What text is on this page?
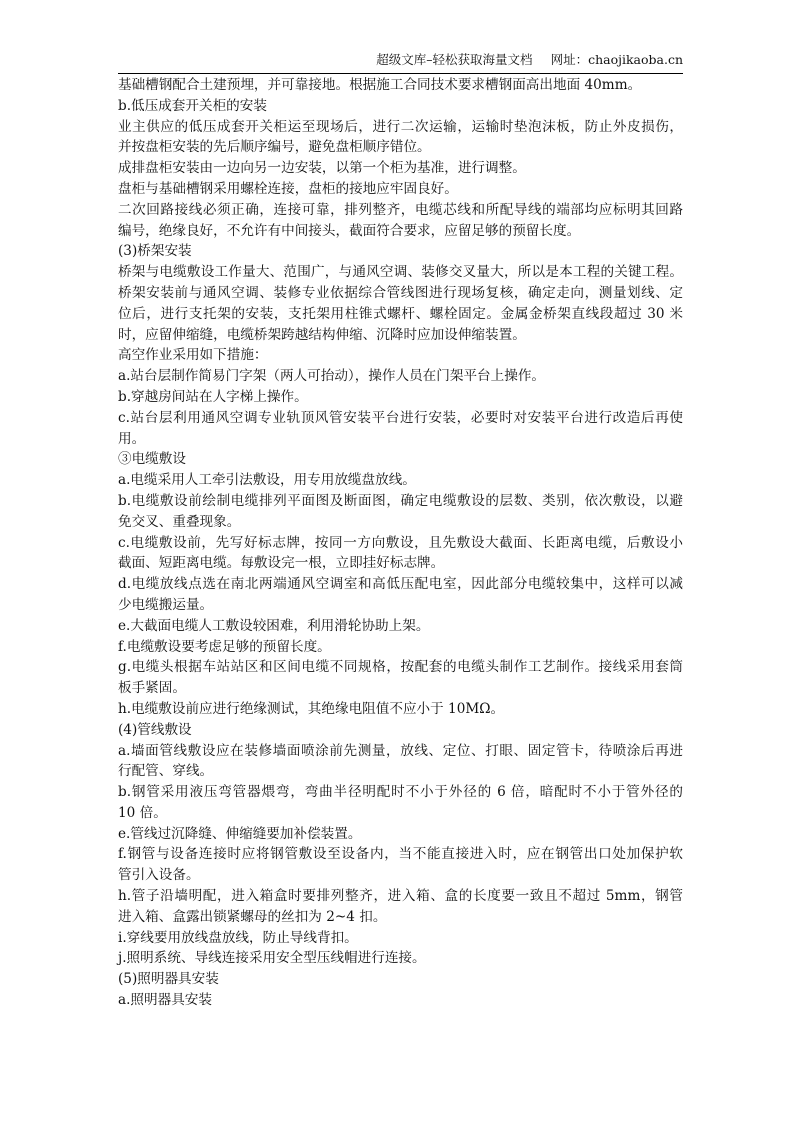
超级文库–轻松获取海量文档 网址：chaojikaoba.cn
基础槽钢配合土建预埋，并可靠接地。根据施工合同技术要求槽钢面高出地面 40mm。
b.低压成套开关柜的安装
业主供应的低压成套开关柜运至现场后，进行二次运输，运输时垫泡沫板，防止外皮损伤，
并按盘柜安装的先后顺序编号，避免盘柜顺序错位。
成排盘柜安装由一边向另一边安装，以第一个柜为基准，进行调整。
盘柜与基础槽钢采用螺栓连接，盘柜的接地应牢固良好。
二次回路接线必须正确，连接可靠，排列整齐，电缆芯线和所配导线的端部均应标明其回路
编号，绝缘良好，不允许有中间接头，截面符合要求，应留足够的预留长度。
(3)桥架安装
桥架与电缆敷设工作量大、范围广，与通风空调、装修交叉量大，所以是本工程的关键工程。
桥架安装前与通风空调、装修专业依据综合管线图进行现场复核，确定走向，测量划线、定
位后，进行支托架的安装，支托架用柱锥式螺杆、螺栓固定。金属金桥架直线段超过 30 米
时，应留伸缩缝，电缆桥架跨越结构伸缩、沉降时应加设伸缩装置。
高空作业采用如下措施：
a.站台层制作简易门字架（两人可抬动），操作人员在门架平台上操作。
b.穿越房间站在人字梯上操作。
c.站台层利用通风空调专业轨顶风管安装平台进行安装，必要时对安装平台进行改造后再使
用。
③电缆敷设
a.电缆采用人工牵引法敷设，用专用放缆盘放线。
b.电缆敷设前绘制电缆排列平面图及断面图，确定电缆敷设的层数、类别，依次敷设，以避
免交叉、重叠现象。
c.电缆敷设前，先写好标志牌，按同一方向敷设，且先敷设大截面、长距离电缆，后敷设小
截面、短距离电缆。每敷设完一根，立即挂好标志牌。
d.电缆放线点选在南北两端通风空调室和高低压配电室，因此部分电缆较集中，这样可以减
少电缆搬运量。
e.大截面电缆人工敷设较困难，利用滑轮协助上架。
f.电缆敷设要考虑足够的预留长度。
g.电缆头根据车站站区和区间电缆不同规格，按配套的电缆头制作工艺制作。接线采用套筒
板手紧固。
h.电缆敷设前应进行绝缘测试，其绝缘电阻值不应小于 10MΩ。
(4)管线敷设
a.墙面管线敷设应在装修墙面喷涂前先测量，放线、定位、打眼、固定管卡，待喷涂后再进
行配管、穿线。
b.钢管采用液压弯管器煨弯，弯曲半径明配时不小于外径的 6 倍，暗配时不小于管外径的
10 倍。
e.管线过沉降缝、伸缩缝要加补偿装置。
f.钢管与设备连接时应将钢管敷设至设备内，当不能直接进入时，应在钢管出口处加保护软
管引入设备。
h.管子沿墙明配，进入箱盒时要排列整齐，进入箱、盒的长度要一致且不超过 5mm，钢管
进入箱、盒露出锁紧螺母的丝扣为 2~4 扣。
i.穿线要用放线盘放线，防止导线背扣。
j.照明系统、导线连接采用安全型压线帽进行连接。
(5)照明器具安装
a.照明器具安装
